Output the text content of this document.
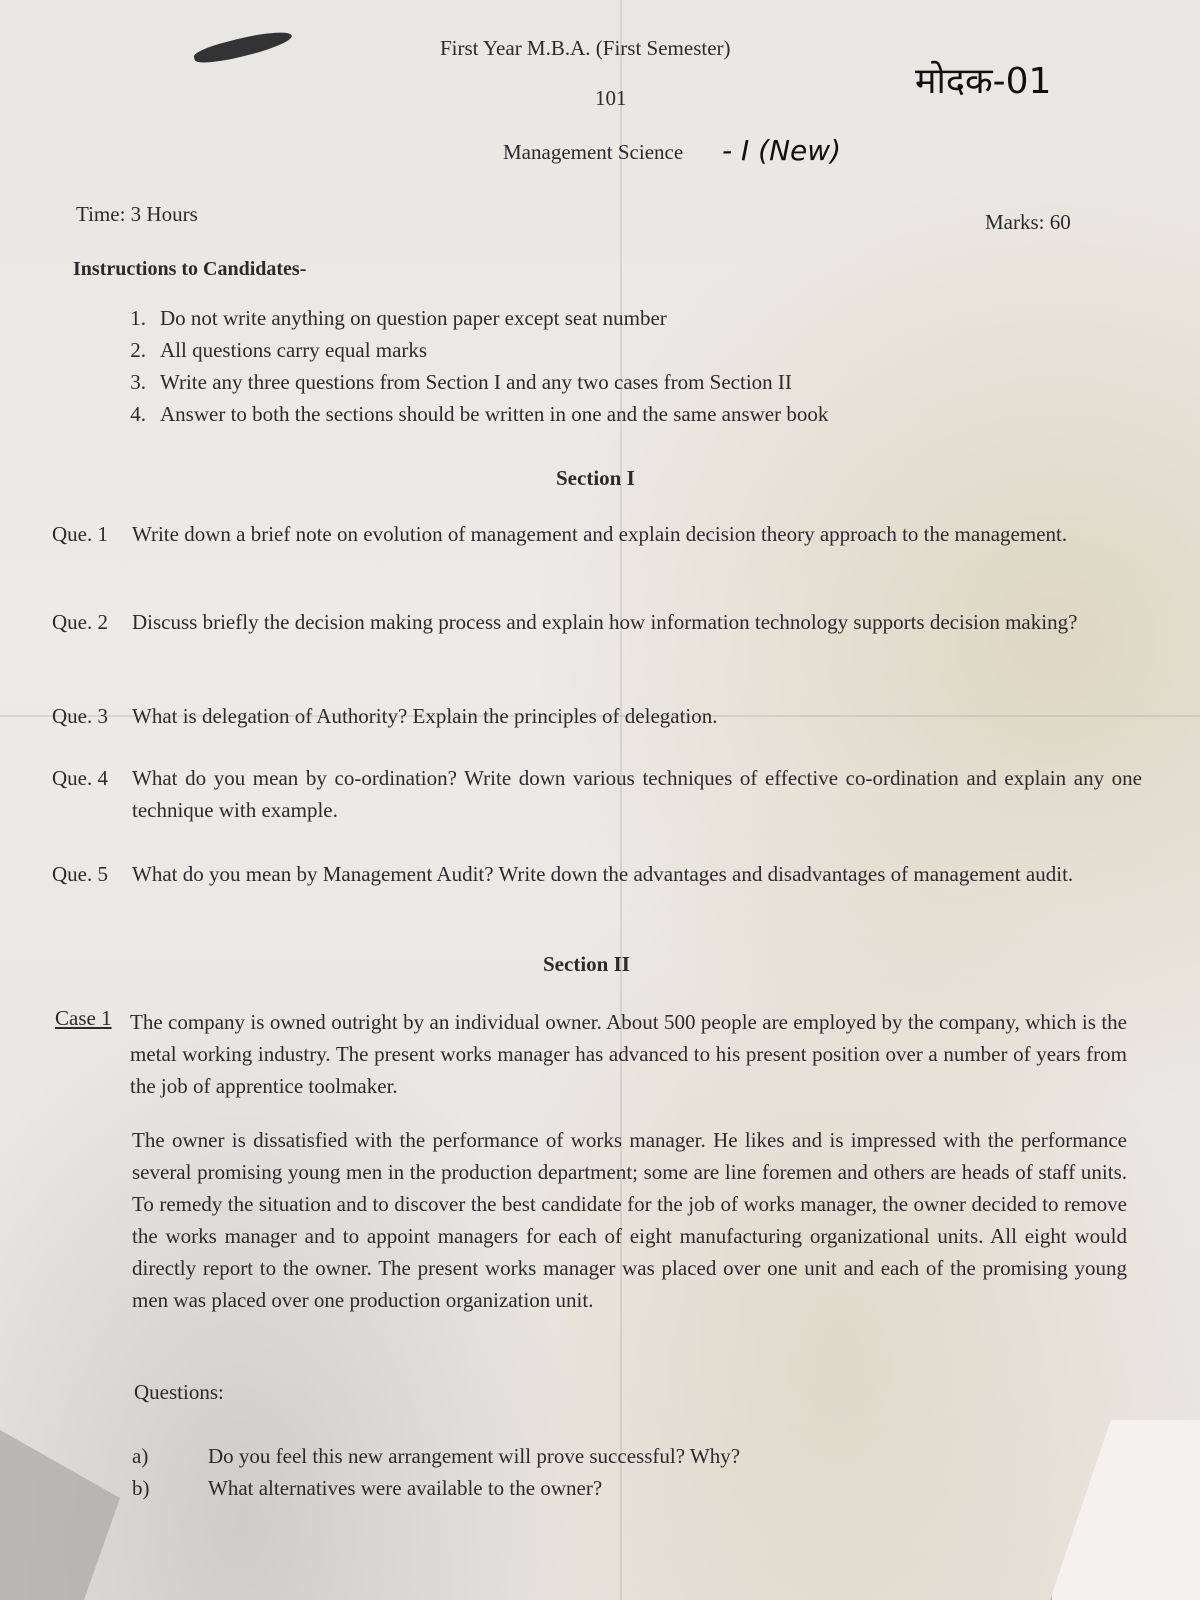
First Year M.B.A. (First Semester)
101
Management Science - I (New)
मोदक-01
Time: 3 Hours	Marks: 60
Instructions to Candidates-
1. Do not write anything on question paper except seat number
2. All questions carry equal marks
3. Write any three questions from Section I and any two cases from Section II
4. Answer to both the sections should be written in one and the same answer book
Section I
Que. 1	Write down a brief note on evolution of management and explain decision theory approach to the management.
Que. 2	Discuss briefly the decision making process and explain how information technology supports decision making?
Que. 3	What is delegation of Authority? Explain the principles of delegation.
Que. 4	What do you mean by co-ordination? Write down various techniques of effective co-ordination and explain any one technique with example.
Que. 5	What do you mean by Management Audit? Write down the advantages and disadvantages of management audit.
Section II
Case 1 The company is owned outright by an individual owner. About 500 people are employed by the company, which is the metal working industry. The present works manager has advanced to his present position over a number of years from the job of apprentice toolmaker.
The owner is dissatisfied with the performance of works manager. He likes and is impressed with the performance several promising young men in the production department; some are line foremen and others are heads of staff units. To remedy the situation and to discover the best candidate for the job of works manager, the owner decided to remove the works manager and to appoint managers for each of eight manufacturing organizational units. All eight would directly report to the owner. The present works manager was placed over one unit and each of the promising young men was placed over one production organization unit.
Questions:
a)	Do you feel this new arrangement will prove successful? Why?
b)	What alternatives were available to the owner?
